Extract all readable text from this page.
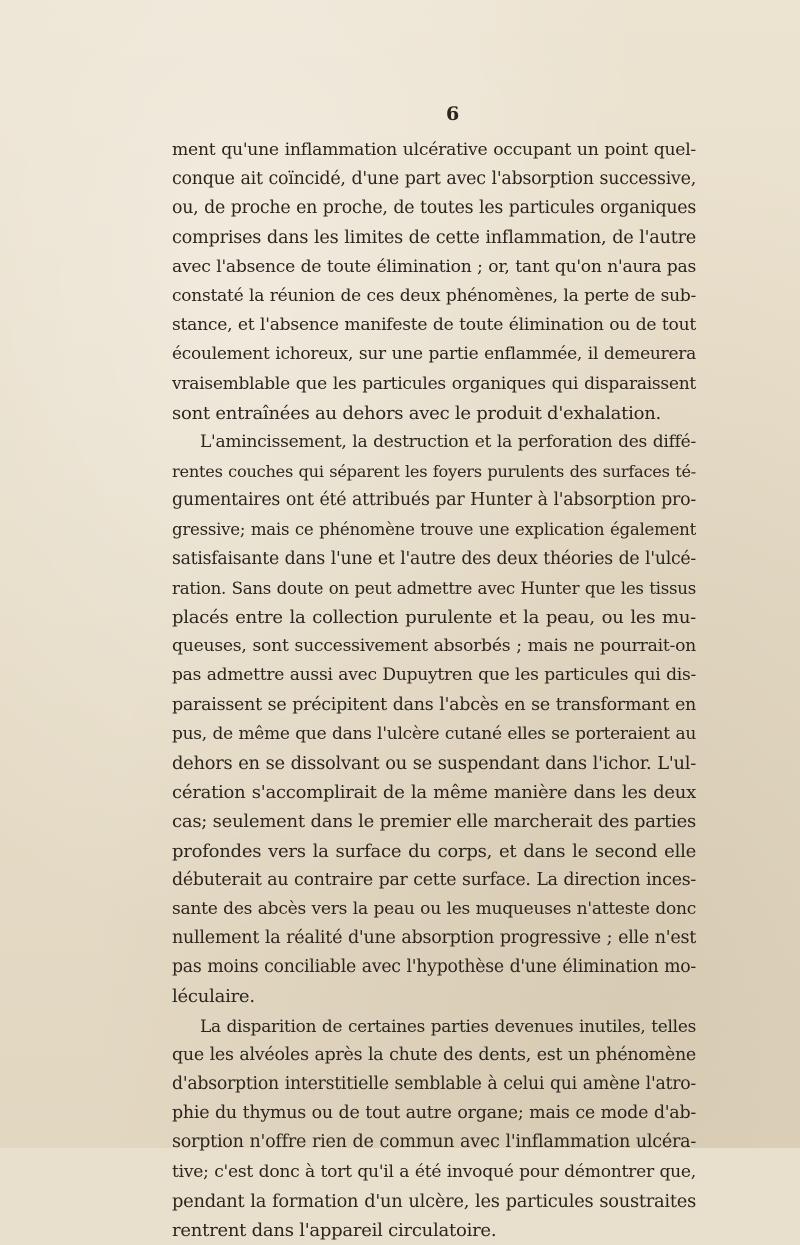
6
ment qu'une inflammation ulcérative occupant un point quel-
conque ait coïncidé, d'une part avec l'absorption successive,
ou, de proche en proche, de toutes les particules organiques
comprises dans les limites de cette inflammation, de l'autre
avec l'absence de toute élimination ; or, tant qu'on n'aura pas
constaté la réunion de ces deux phénomènes, la perte de sub-
stance, et l'absence manifeste de toute élimination ou de tout
écoulement ichoreux, sur une partie enflammée, il demeurera
vraisemblable que les particules organiques qui disparaissent
sont entraînées au dehors avec le produit d'exhalation.
L'amincissement, la destruction et la perforation des diffé-
rentes couches qui séparent les foyers purulents des surfaces té-
gumentaires ont été attribués par Hunter à l'absorption pro-
gressive; mais ce phénomène trouve une explication également
satisfaisante dans l'une et l'autre des deux théories de l'ulcé-
ration. Sans doute on peut admettre avec Hunter que les tissus
placés entre la collection purulente et la peau, ou les mu-
queuses, sont successivement absorbés ; mais ne pourrait-on
pas admettre aussi avec Dupuytren que les particules qui dis-
paraissent se précipitent dans l'abcès en se transformant en
pus, de même que dans l'ulcère cutané elles se porteraient au
dehors en se dissolvant ou se suspendant dans l'ichor. L'ul-
cération s'accomplirait de la même manière dans les deux
cas; seulement dans le premier elle marcherait des parties
profondes vers la surface du corps, et dans le second elle
débuterait au contraire par cette surface. La direction inces-
sante des abcès vers la peau ou les muqueuses n'atteste donc
nullement la réalité d'une absorption progressive ; elle n'est
pas moins conciliable avec l'hypothèse d'une élimination mo-
léculaire.
La disparition de certaines parties devenues inutiles, telles
que les alvéoles après la chute des dents, est un phénomène
d'absorption interstitielle semblable à celui qui amène l'atro-
phie du thymus ou de tout autre organe; mais ce mode d'ab-
sorption n'offre rien de commun avec l'inflammation ulcéra-
tive; c'est donc à tort qu'il a été invoqué pour démontrer que,
pendant la formation d'un ulcère, les particules soustraites
rentrent dans l'appareil circulatoire.
